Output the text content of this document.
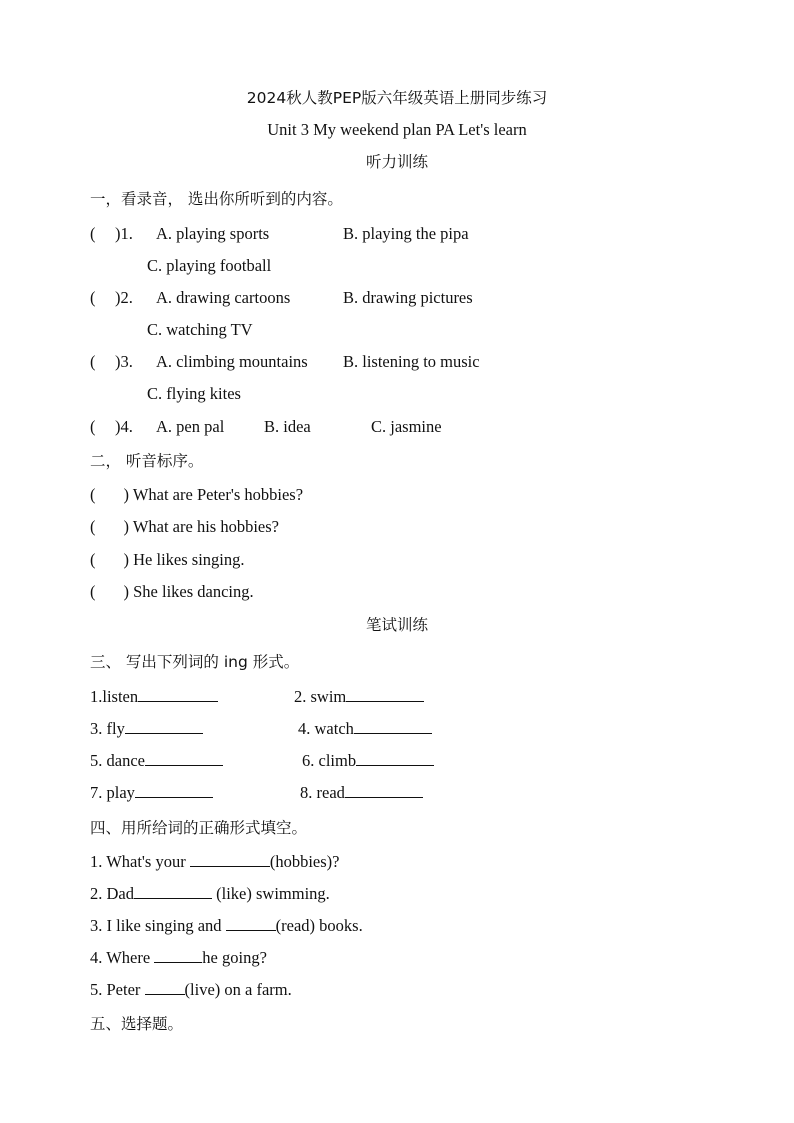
2024秋人教PEP版六年级英语上册同步练习
Unit 3 My weekend plan PA Let's learn
听力训练
一，看录音， 选出你所听到的内容。
( )1. A. playing sports	B. playing the pipa
C. playing football
( )2. A. drawing cartoons	B. drawing pictures
C. watching TV
( )3. A. climbing mountains B. listening to music
C. flying kites
( )4. A. pen pal B. idea	C. jasmine
二， 听音标序。
( ) What are Peter's hobbies?
( ) What are his hobbies?
( ) He likes singing.
( ) She likes dancing.
笔试训练
三、 写出下列词的 ing 形式。
1.listen	2. swim
3. fly	4. watch
5. dance	6. climb
7. play	8. read
四、用所给词的正确形式填空。
1. What's your	(hobbies)?
2. Dad	(like) swimming.
3. I like singing and	(read) books.
4. Where	he going?
5. Peter (live) on a farm.
五、选择题。
